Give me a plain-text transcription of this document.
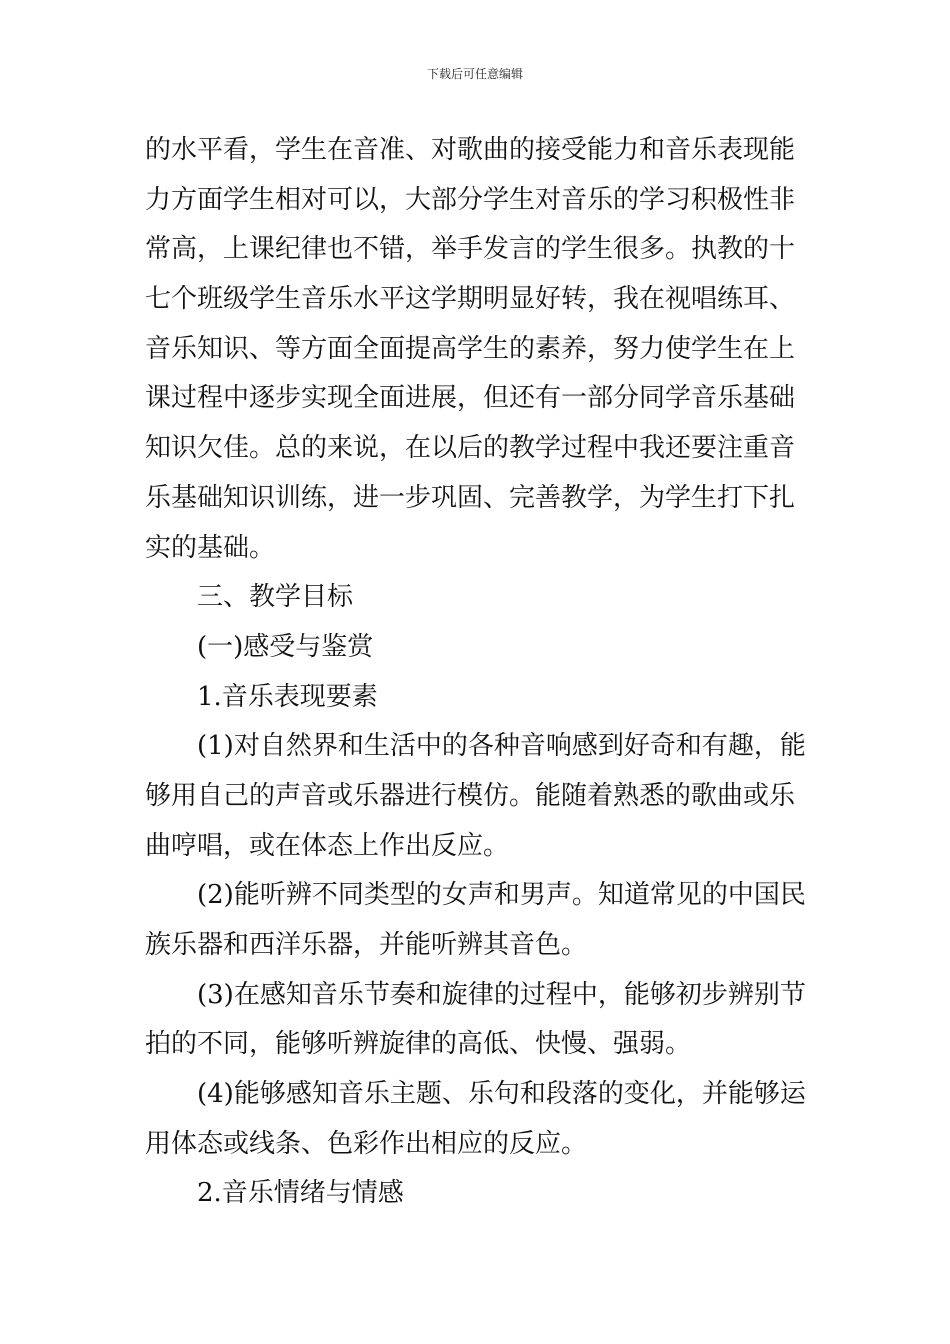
下载后可任意编辑
的水平看，学生在音准、对歌曲的接受能力和音乐表现能
力方面学生相对可以，大部分学生对音乐的学习积极性非
常高，上课纪律也不错，举手发言的学生很多。执教的十
七个班级学生音乐水平这学期明显好转，我在视唱练耳、
音乐知识、等方面全面提高学生的素养，努力使学生在上
课过程中逐步实现全面进展，但还有一部分同学音乐基础
知识欠佳。总的来说，在以后的教学过程中我还要注重音
乐基础知识训练，进一步巩固、完善教学，为学生打下扎
实的基础。
三、教学目标
(一)感受与鉴赏
1.音乐表现要素
(1)对自然界和生活中的各种音响感到好奇和有趣，能
够用自己的声音或乐器进行模仿。能随着熟悉的歌曲或乐
曲哼唱，或在体态上作出反应。
(2)能听辨不同类型的女声和男声。知道常见的中国民
族乐器和西洋乐器，并能听辨其音色。
(3)在感知音乐节奏和旋律的过程中，能够初步辨别节
拍的不同，能够听辨旋律的高低、快慢、强弱。
(4)能够感知音乐主题、乐句和段落的变化，并能够运
用体态或线条、色彩作出相应的反应。
2.音乐情绪与情感
